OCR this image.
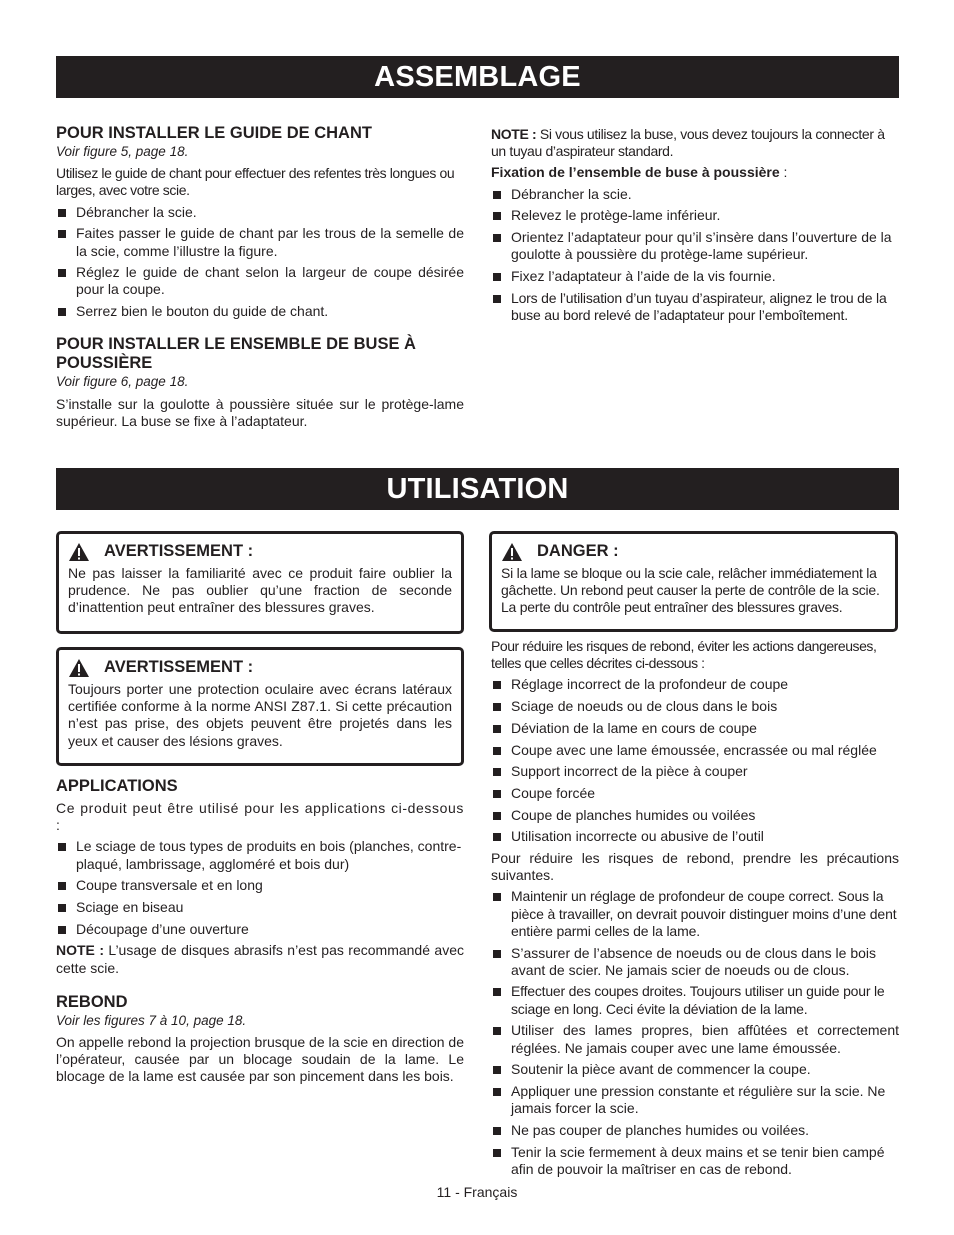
ASSEMBLAGE
POUR INSTALLER LE GUIDE DE CHANT

Voir figure 5, page 18.

Utilisez le guide de chant pour effectuer des refentes très longues ou larges, avec votre scie.

Débrancher la scie.
Faites passer le guide de chant par les trous de la semelle de la scie, comme l’illustre la figure.
Réglez le guide de chant selon la largeur de coupe désirée pour la coupe.
Serrez bien le bouton du guide de chant.
POUR INSTALLER LE ENSEMBLE DE BUSE À POUSSIÈRE

Voir figure 6, page 18.

S’installe sur la goulotte à poussière située sur le protège-lame supérieur. La buse se fixe à l’adaptateur.

NOTE : Si vous utilisez la buse, vous devez toujours la connecter à un tuyau d’aspirateur standard.

Fixation de l’ensemble de buse à poussière :

Débrancher la scie.
Relevez le protège-lame inférieur.
Orientez l’adaptateur pour qu’il s’insère dans l’ouverture de la goulotte à poussière du protège-lame supérieur.
Fixez l’adaptateur à l’aide de la vis fournie.
Lors de l’utilisation d’un tuyau d’aspirateur, alignez le trou de la buse au bord relevé de l’adaptateur pour l’emboîtement.
UTILISATION
AVERTISSEMENT :
Ne pas laisser la familiarité avec ce produit faire oublier la prudence. Ne pas oublier qu’une fraction de seconde d’inattention peut entraîner des blessures graves.
AVERTISSEMENT :
Toujours porter une protection oculaire avec écrans latéraux certifiée conforme à la norme ANSI Z87.1. Si cette précaution n’est pas prise, des objets peuvent être projetés dans les yeux et causer des lésions graves.
DANGER :
Si la lame se bloque ou la scie cale, relâcher immédiatement la gâchette. Un rebond peut causer la perte de contrôle de la scie. La perte du contrôle peut entraîner des blessures graves.
APPLICATIONS

Ce produit peut être utilisé pour les applications ci-dessous :

Le sciage de tous types de produits en bois (planches, contre-plaqué, lambrissage, aggloméré et bois dur)
Coupe transversale et en long
Sciage en biseau
Découpage d’une ouverture

NOTE : L’usage de disques abrasifs n’est pas recommandé avec cette scie.

REBOND

Voir les figures 7 à 10, page 18.

On appelle rebond la projection brusque de la scie en direction de l’opérateur, causée par un blocage soudain de la lame. Le blocage de la lame est causée par son pincement dans les bois.

Pour réduire les risques de rebond, éviter les actions dangereuses, telles que celles décrites ci-dessous :

Réglage incorrect de la profondeur de coupe
Sciage de noeuds ou de clous dans le bois
Déviation de la lame en cours de coupe
Coupe avec une lame émoussée, encrassée ou mal réglée
Support incorrect de la pièce à couper
Coupe forcée
Coupe de planches humides ou voilées
Utilisation incorrecte ou abusive de l’outil

Pour réduire les risques de rebond, prendre les précautions suivantes.

Maintenir un réglage de profondeur de coupe correct. Sous la pièce à travailler, on devrait pouvoir distinguer moins d’une dent entière parmi celles de la lame.
S’assurer de l’absence de noeuds ou de clous dans le bois avant de scier. Ne jamais scier de noeuds ou de clous.
Effectuer des coupes droites. Toujours utiliser un guide pour le sciage en long. Ceci évite la déviation de la lame.
Utiliser des lames propres, bien affûtées et correctement réglées. Ne jamais couper avec une lame émoussée.
Soutenir la pièce avant de commencer la coupe.
Appliquer une pression constante et régulière sur la scie. Ne jamais forcer la scie.
Ne pas couper de planches humides ou voilées.
Tenir la scie fermement à deux mains et se tenir bien campé afin de pouvoir la maîtriser en cas de rebond.
11 - Français
